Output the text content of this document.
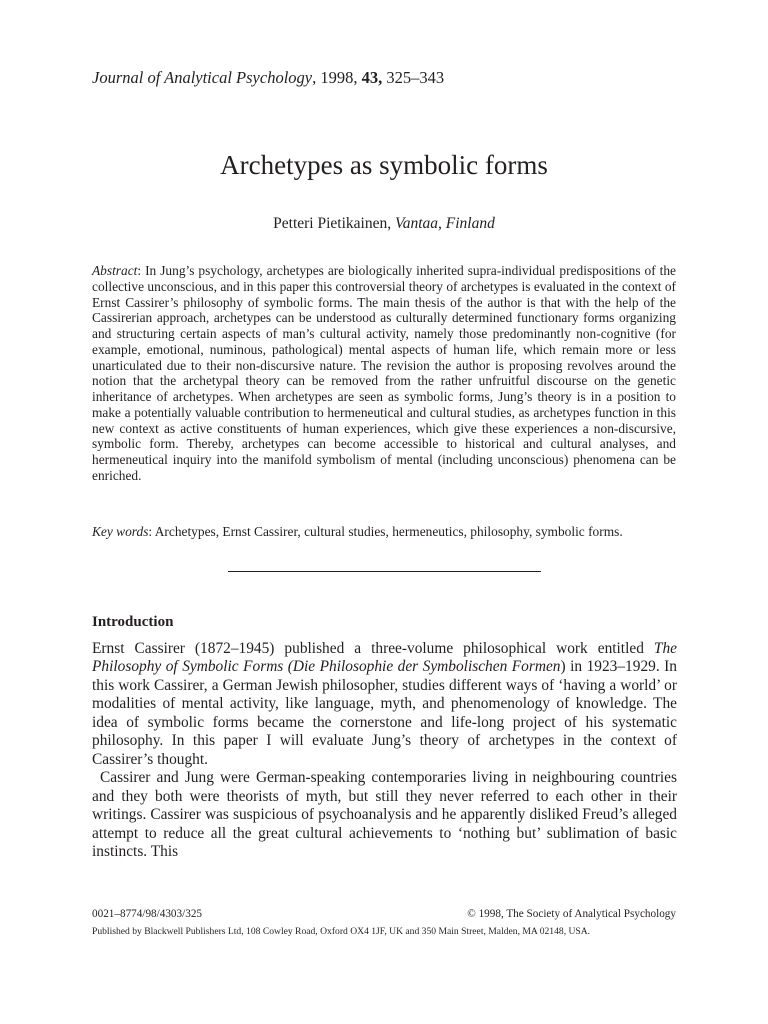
Journal of Analytical Psychology, 1998, 43, 325–343
Archetypes as symbolic forms
Petteri Pietikainen, Vantaa, Finland

Abstract: In Jung’s psychology, archetypes are biologically inherited supra-individual predispositions of the collective unconscious, and in this paper this controversial theory of archetypes is evaluated in the context of Ernst Cassirer’s philosophy of symbolic forms. The main thesis of the author is that with the help of the Cassirerian approach, archetypes can be understood as culturally determined functionary forms organizing and structuring certain aspects of man’s cultural activity, namely those predominantly non-cognitive (for example, emotional, numinous, pathological) mental aspects of human life, which remain more or less unarticulated due to their non-discursive nature. The revision the author is proposing revolves around the notion that the archetypal theory can be removed from the rather unfruitful discourse on the genetic inheritance of archetypes. When archetypes are seen as symbolic forms, Jung’s theory is in a position to make a potentially valuable contribution to hermeneutical and cultural studies, as archetypes function in this new context as active constituents of human experiences, which give these experiences a non-discursive, symbolic form. Thereby, archetypes can become accessible to historical and cultural analyses, and hermeneutical inquiry into the manifold symbolism of mental (including unconscious) phenomena can be enriched.

Key words: Archetypes, Ernst Cassirer, cultural studies, hermeneutics, philosophy, symbolic forms.

Introduction

Ernst Cassirer (1872–1945) published a three-volume philosophical work entitled The Philosophy of Symbolic Forms (Die Philosophie der Symbolischen Formen) in 1923–1929. In this work Cassirer, a German Jewish philosopher, studies different ways of ‘having a world’ or modalities of mental activity, like language, myth, and phenomenology of knowledge. The idea of symbolic forms became the cornerstone and life-long project of his systematic philosophy. In this paper I will evaluate Jung’s theory of archetypes in the context of Cassirer’s thought.

Cassirer and Jung were German-speaking contemporaries living in neighbouring countries and they both were theorists of myth, but still they never referred to each other in their writings. Cassirer was suspicious of psychoanalysis and he apparently disliked Freud’s alleged attempt to reduce all the great cultural achievements to ‘nothing but’ sublimation of basic instincts. This

0021–8774/98/4303/325	© 1998, The Society of Analytical Psychology
Published by Blackwell Publishers Ltd, 108 Cowley Road, Oxford OX4 1JF, UK and 350 Main Street, Malden, MA 02148, USA.
